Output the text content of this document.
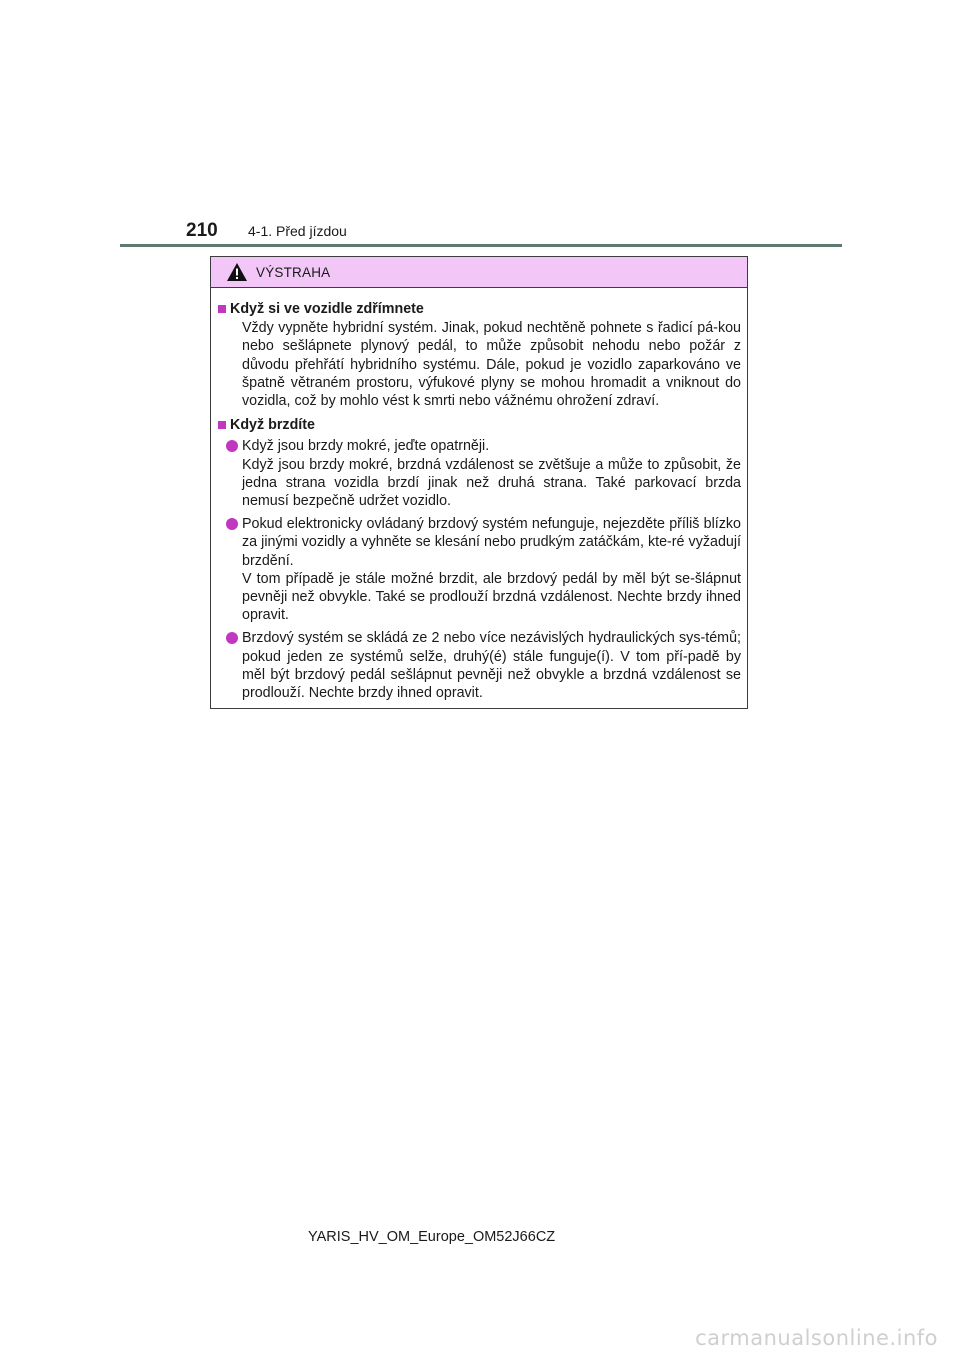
210	4-1. Před jízdou
VÝSTRAHA
Když si ve vozidle zdřímnete
Vždy vypněte hybridní systém. Jinak, pokud nechtěně pohnete s řadicí pá-kou nebo sešlápnete plynový pedál, to může způsobit nehodu nebo požár z důvodu přehřátí hybridního systému. Dále, pokud je vozidlo zaparkováno ve špatně větraném prostoru, výfukové plyny se mohou hromadit a vniknout do vozidla, což by mohlo vést k smrti nebo vážnému ohrožení zdraví.
Když brzdíte
Když jsou brzdy mokré, jeďte opatrněji.
Když jsou brzdy mokré, brzdná vzdálenost se zvětšuje a může to způsobit, že jedna strana vozidla brzdí jinak než druhá strana. Také parkovací brzda nemusí bezpečně udržet vozidlo.
Pokud elektronicky ovládaný brzdový systém nefunguje, nejezděte příliš blízko za jinými vozidly a vyhněte se klesání nebo prudkým zatáčkám, kte-ré vyžadují brzdění.
V tom případě je stále možné brzdit, ale brzdový pedál by měl být se-šlápnut pevněji než obvykle. Také se prodlouží brzdná vzdálenost. Nechte brzdy ihned opravit.
Brzdový systém se skládá ze 2 nebo více nezávislých hydraulických sys-témů; pokud jeden ze systémů selže, druhý(é) stále funguje(í). V tom pří-padě by měl být brzdový pedál sešlápnut pevněji než obvykle a brzdná vzdálenost se prodlouží. Nechte brzdy ihned opravit.
YARIS_HV_OM_Europe_OM52J66CZ
carmanualsonline.info
